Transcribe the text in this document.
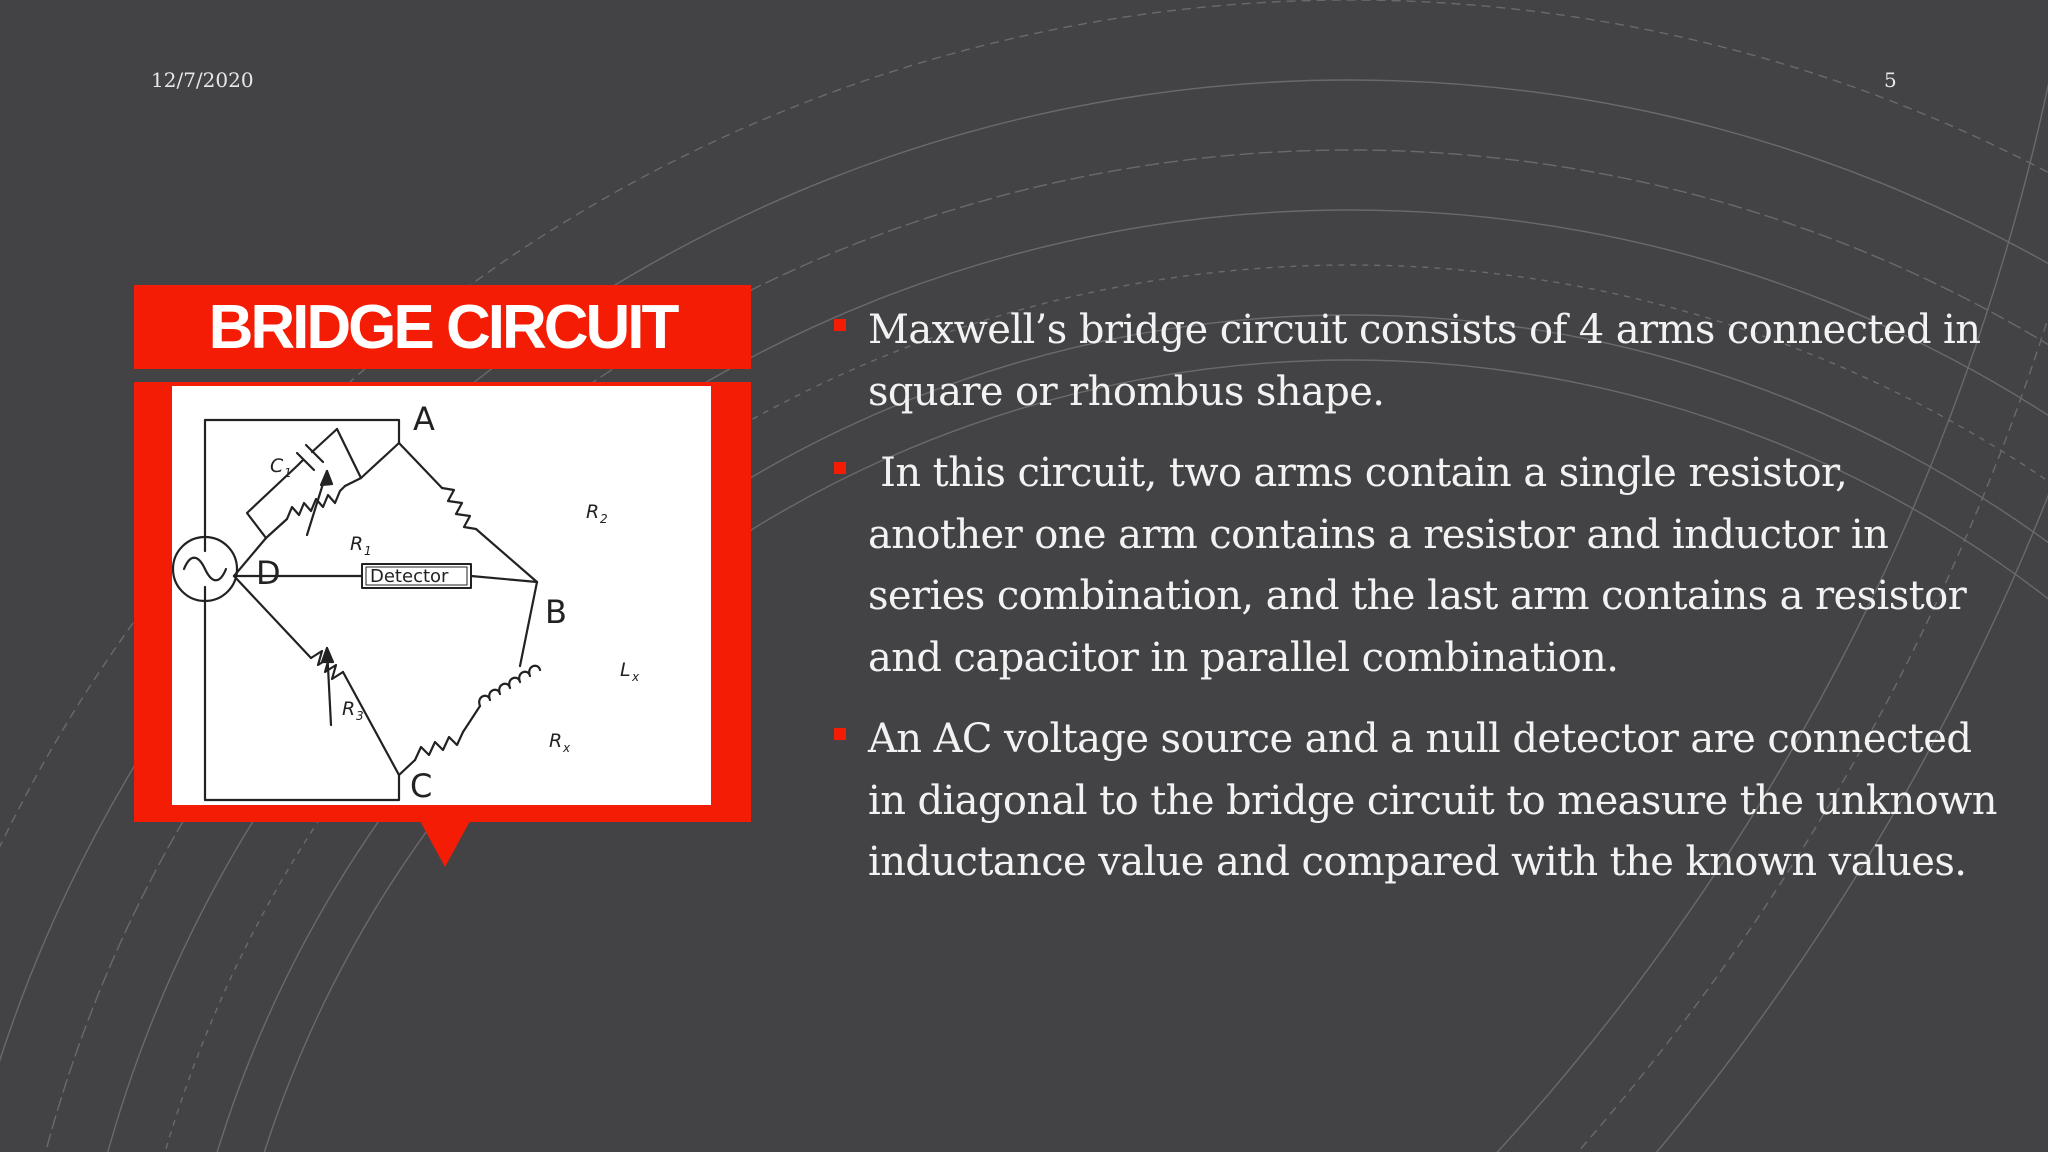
12/7/2020	5
BRIDGE CIRCUIT
A
B
C
D	Detector
C 1
R 1
R 2
R 3
R x
L x
Maxwell’s bridge circuit consists of 4 arms connected in square or rhombus shape.
In this circuit, two arms contain a single resistor, another one arm contains a resistor and inductor in series combination, and the last arm contains a resistor and capacitor in parallel combination.
An AC voltage source and a null detector are connected in diagonal to the bridge circuit to measure the unknown inductance value and compared with the known values.
